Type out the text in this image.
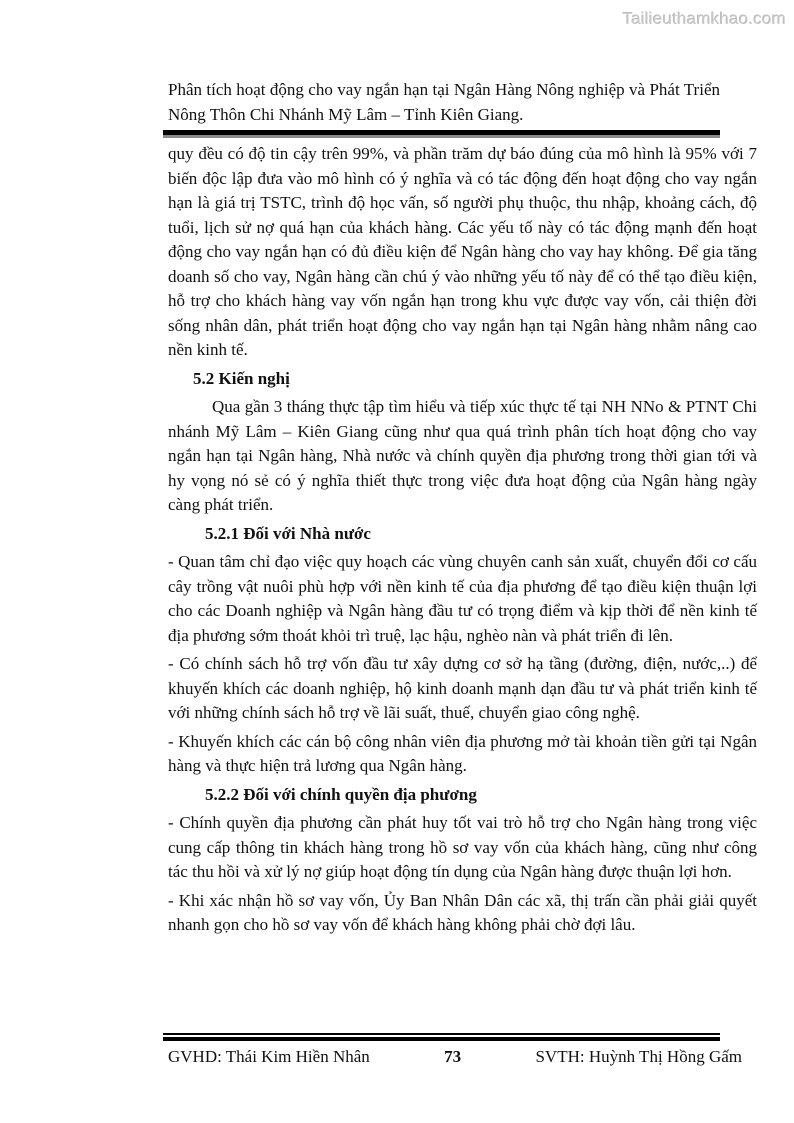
Tailieuthamkhao.com
Phân tích hoạt động cho vay ngắn hạn tại Ngân Hàng Nông nghiệp và Phát Triển Nông Thôn Chi Nhánh Mỹ Lâm – Tỉnh Kiên Giang.

quy đều có độ tin cậy trên 99%, và phần trăm dự báo đúng của mô hình là 95% với 7 biến độc lập đưa vào mô hình có ý nghĩa và có tác động đến hoạt động cho vay ngắn hạn là giá trị TSTC, trình độ học vấn, số người phụ thuộc, thu nhập, khoảng cách, độ tuổi, lịch sử nợ quá hạn của khách hàng. Các yếu tố này có tác động mạnh đến hoạt động cho vay ngắn hạn có đủ điều kiện để Ngân hàng cho vay hay không. Để gia tăng doanh số cho vay, Ngân hàng cần chú ý vào những yếu tố này để có thể tạo điều kiện, hỗ trợ cho khách hàng vay vốn ngắn hạn trong khu vực được vay vốn, cải thiện đời sống nhân dân, phát triển hoạt động cho vay ngắn hạn tại Ngân hàng nhằm nâng cao nền kinh tế.

5.2 Kiến nghị

Qua gần 3 tháng thực tập tìm hiểu và tiếp xúc thực tế tại NH NNo & PTNT Chi nhánh Mỹ Lâm – Kiên Giang cũng như qua quá trình phân tích hoạt động cho vay ngắn hạn tại Ngân hàng, Nhà nước và chính quyền địa phương trong thời gian tới và hy vọng nó sẻ có ý nghĩa thiết thực trong việc đưa hoạt động của Ngân hàng ngày càng phát triển.

5.2.1 Đối với Nhà nước

- Quan tâm chỉ đạo việc quy hoạch các vùng chuyên canh sản xuất, chuyển đổi cơ cấu cây trồng vật nuôi phù hợp với nền kinh tế của địa phương để tạo điều kiện thuận lợi cho các Doanh nghiệp và Ngân hàng đầu tư có trọng điểm và kịp thời để nền kinh tế địa phương sớm thoát khỏi trì truệ, lạc hậu, nghèo nàn và phát triển đi lên.

- Có chính sách hỗ trợ vốn đầu tư xây dựng cơ sở hạ tầng (đường, điện, nước,..) để khuyến khích các doanh nghiệp, hộ kinh doanh mạnh dạn đầu tư và phát triển kinh tế với những chính sách hỗ trợ về lãi suất, thuế, chuyển giao công nghệ.

- Khuyến khích các cán bộ công nhân viên địa phương mở tài khoản tiền gửi tại Ngân hàng và thực hiện trả lương qua Ngân hàng.

5.2.2 Đối với chính quyền địa phương

- Chính quyền địa phương cần phát huy tốt vai trò hỗ trợ cho Ngân hàng trong việc cung cấp thông tin khách hàng trong hồ sơ vay vốn của khách hàng, cũng như công tác thu hồi và xử lý nợ giúp hoạt động tín dụng của Ngân hàng được thuận lợi hơn.

- Khi xác nhận hồ sơ vay vốn, Ủy Ban Nhân Dân các xã, thị trấn cần phải giải quyết nhanh gọn cho hồ sơ vay vốn để khách hàng không phải chờ đợi lâu.

GVHD: Thái Kim Hiền Nhân	73	SVTH: Huỳnh Thị Hồng Gấm
